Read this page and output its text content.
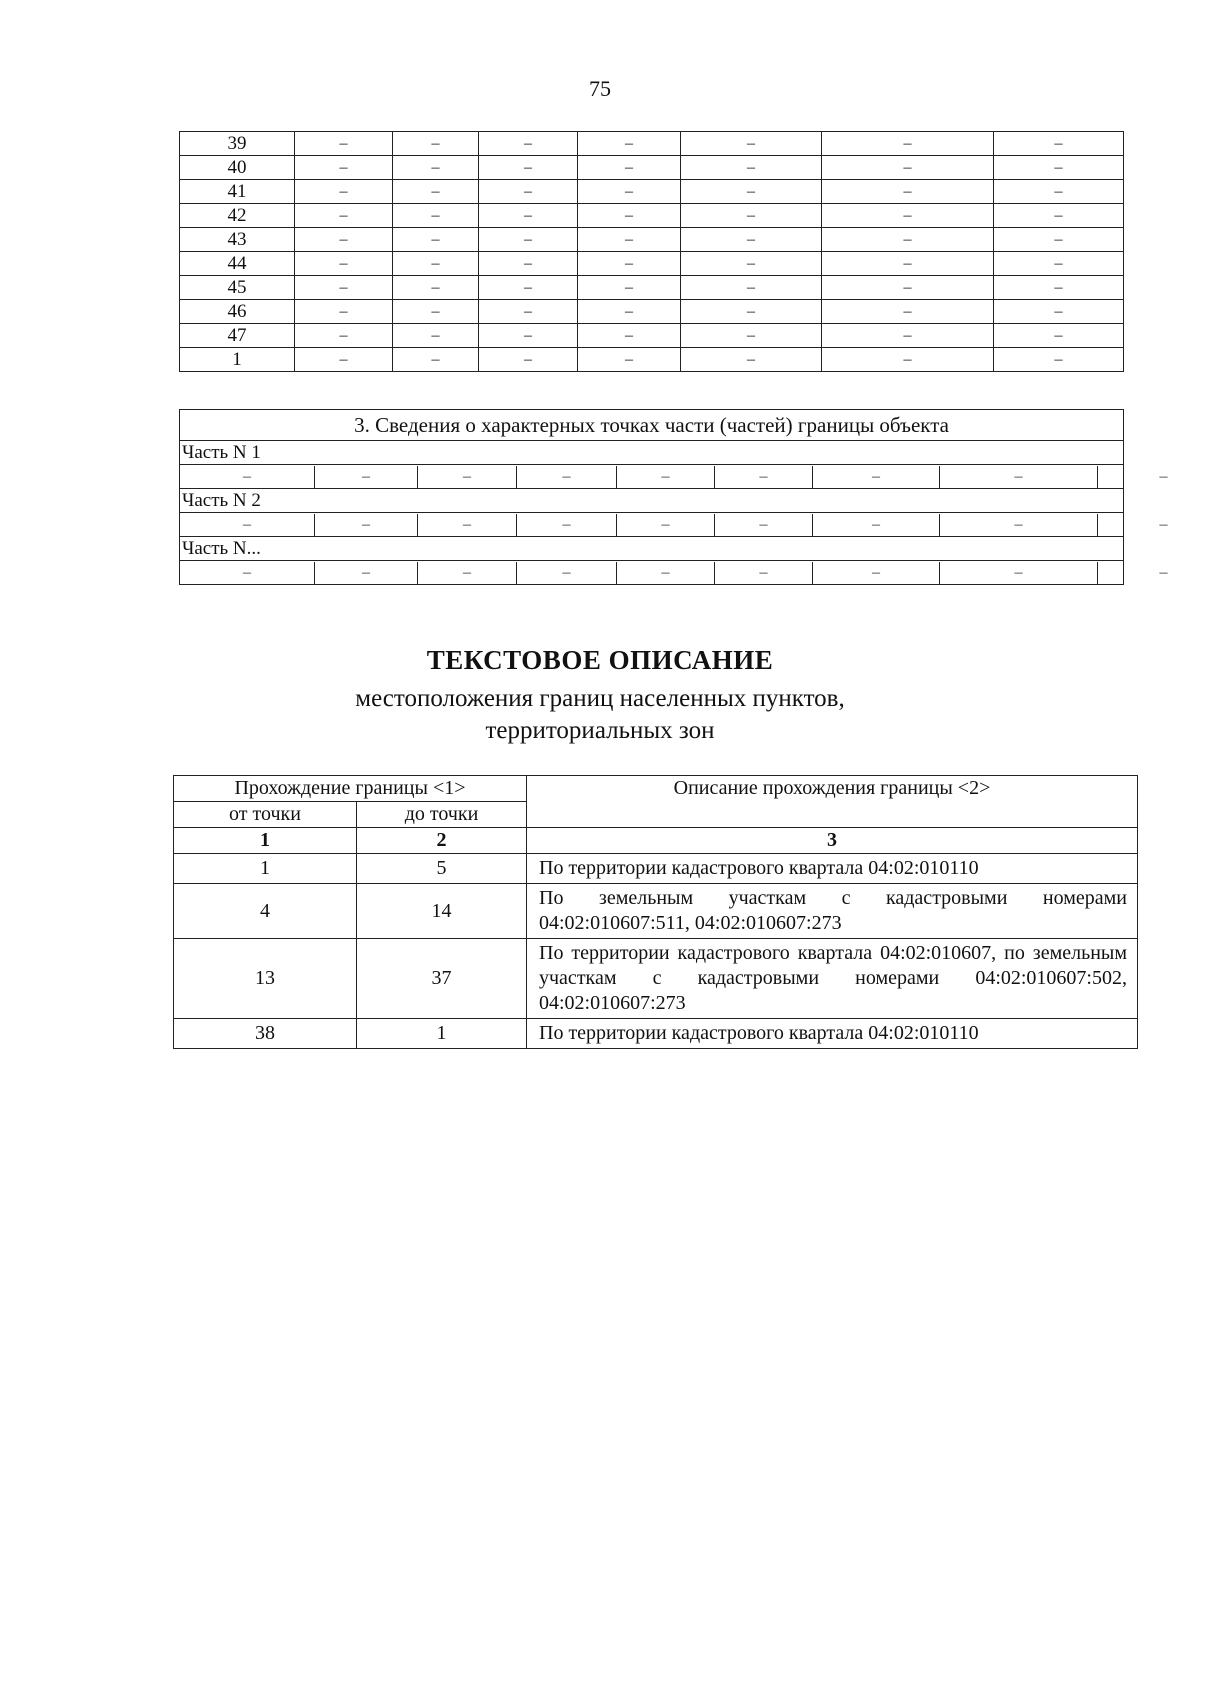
75
39	–	–	–	–	–	–	–
40	–	–	–	–	–	–	–
41	–	–	–	–	–	–	–
42	–	–	–	–	–	–	–
43	–	–	–	–	–	–	–
44	–	–	–	–	–	–	–
45	–	–	–	–	–	–	–
46	–	–	–	–	–	–	–
47	–	–	–	–	–	–	–
1	–	–	–	–	–	–	–
3. Сведения о характерных точках части (частей) границы объекта
Часть N 1

–	–	–	–	–	–	–	–	–

Часть N 2

–	–	–	–	–	–	–	–	–

Часть N...

–	–	–	–	–	–	–	–	–
ТЕКСТОВОЕ ОПИСАНИЕ
местоположения границ населенных пунктов,
территориальных зон
Прохождение границы <1>		Описание прохождения границы <2>
от точки	до точки	
1	2	3
1	5	По территории кадастрового квартала 04:02:010110
4	14	По земельным участкам с кадастровыми номерами 04:02:010607:511, 04:02:010607:273
13	37	По территории кадастрового квартала 04:02:010607, по земельным участкам с кадастровыми номерами 04:02:010607:502, 04:02:010607:273
38	1	По территории кадастрового квартала 04:02:010110
